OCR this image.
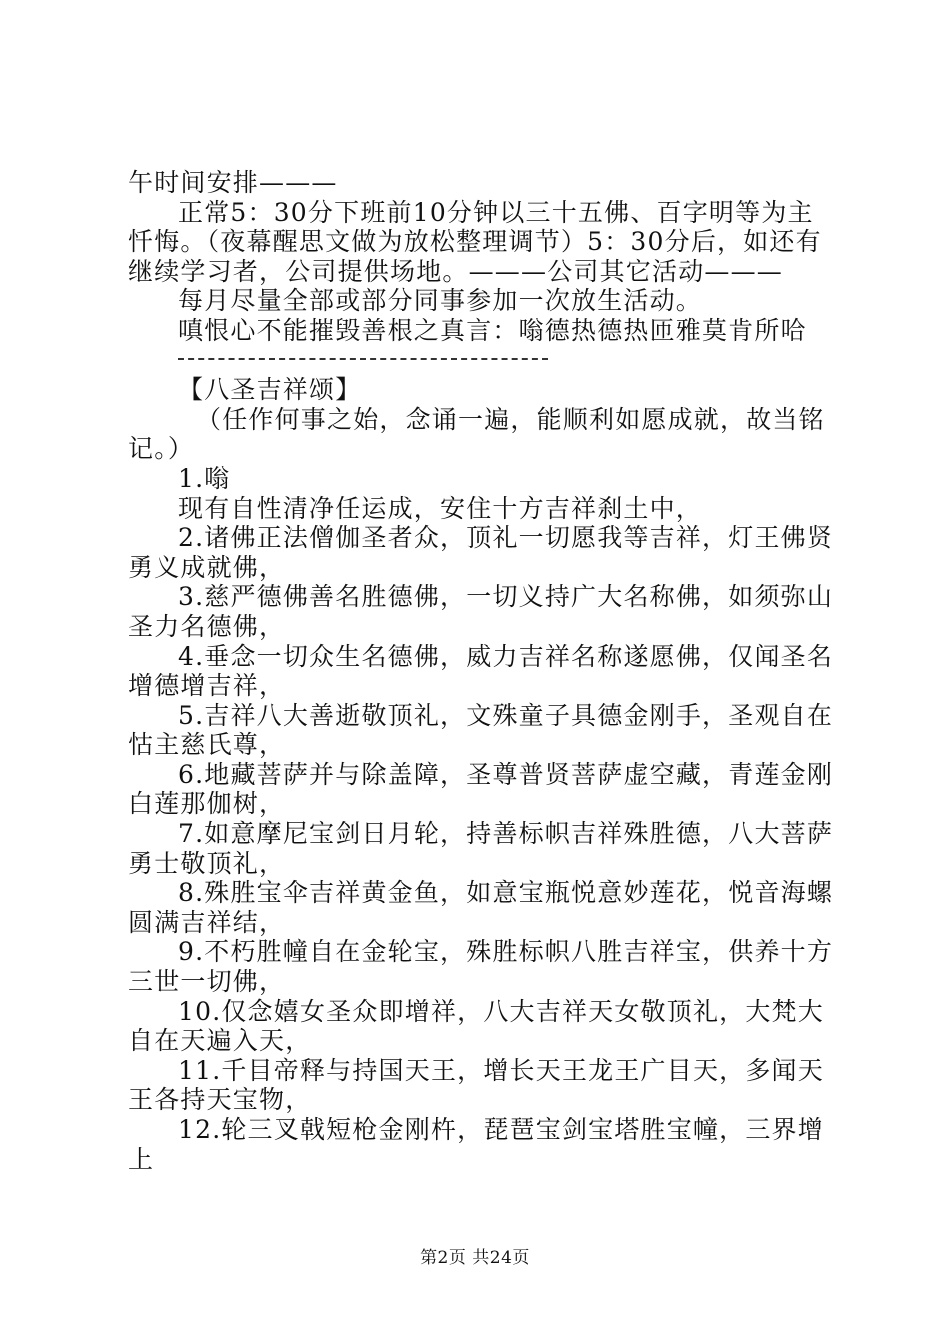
午时间安排———

正常5：30分下班前10分钟以三十五佛、百字明等为主忏悔。（夜幕醒思文做为放松整理调节）5：30分后，如还有继续学习者，公司提供场地。———公司其它活动———

每月尽量全部或部分同事参加一次放生活动。

嗔恨心不能摧毁善根之真言：嗡德热德热匝雅莫肯所哈

【八圣吉祥颂】

（任作何事之始，念诵一遍，能顺利如愿成就，故当铭记。）

1.嗡

现有自性清净任运成，安住十方吉祥刹土中，

2.诸佛正法僧伽圣者众，顶礼一切愿我等吉祥，灯王佛贤勇义成就佛，

3.慈严德佛善名胜德佛，一切义持广大名称佛，如须弥山圣力名德佛，

4.垂念一切众生名德佛，威力吉祥名称遂愿佛，仅闻圣名增德增吉祥，

5.吉祥八大善逝敬顶礼，文殊童子具德金刚手，圣观自在怙主慈氏尊，

6.地藏菩萨并与除盖障，圣尊普贤菩萨虚空藏，青莲金刚白莲那伽树，

7.如意摩尼宝剑日月轮，持善标帜吉祥殊胜德，八大菩萨勇士敬顶礼，

8.殊胜宝伞吉祥黄金鱼，如意宝瓶悦意妙莲花，悦音海螺圆满吉祥结，

9.不朽胜幢自在金轮宝，殊胜标帜八胜吉祥宝，供养十方三世一切佛，

10.仅念嬉女圣众即增祥，八大吉祥天女敬顶礼，大梵大自在天遍入天，

11.千目帝释与持国天王，增长天王龙王广目天，多闻天王各持天宝物，

12.轮三叉戟短枪金刚杵，琵琶宝剑宝塔胜宝幢，三界增上

第2页 共24页
